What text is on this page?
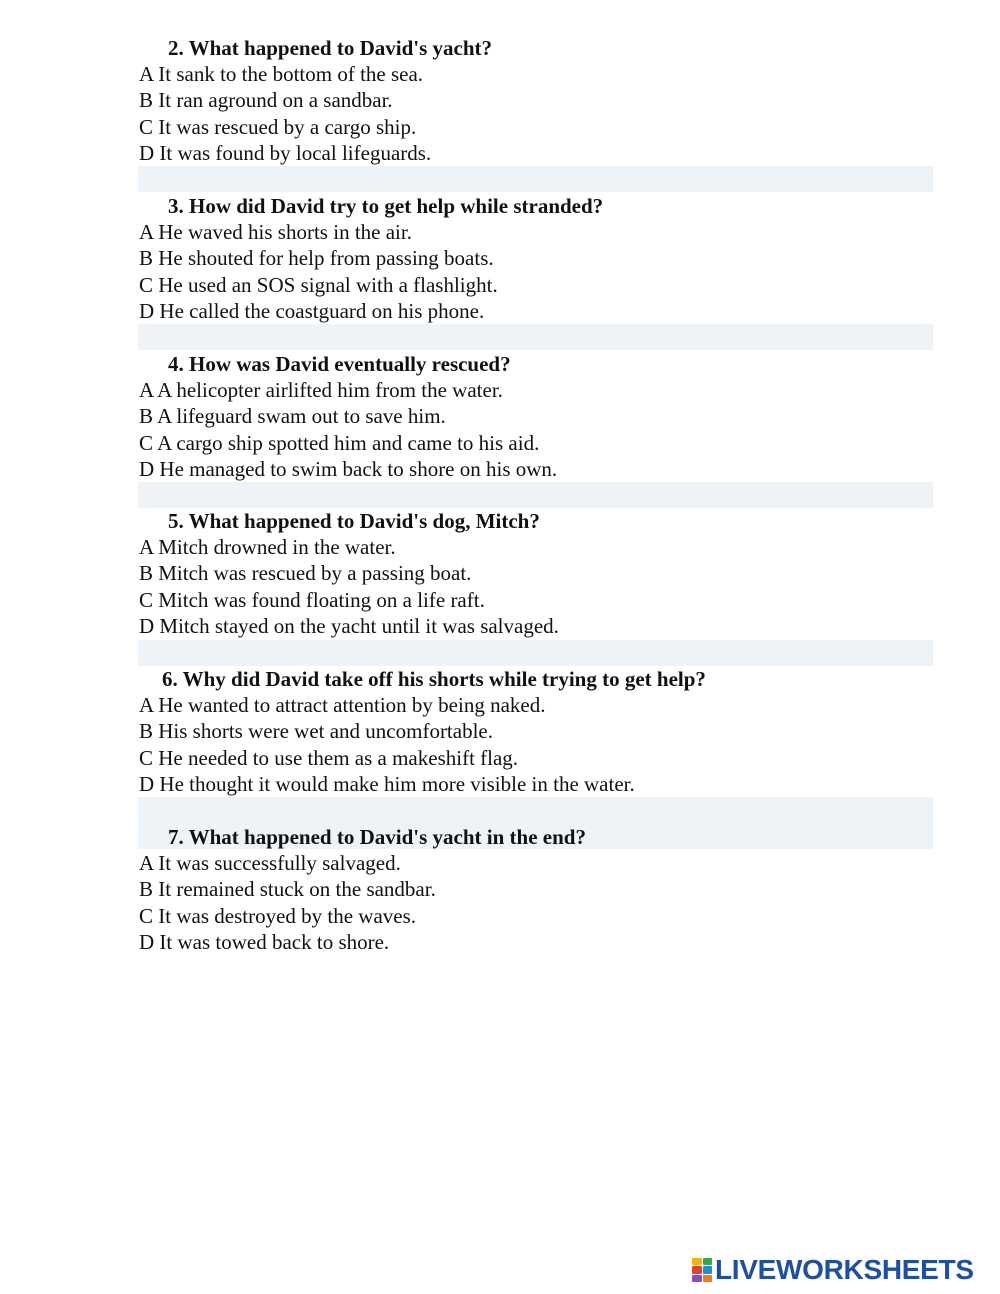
2. What happened to David's yacht?
A It sank to the bottom of the sea.
B It ran aground on a sandbar.
C It was rescued by a cargo ship.
D It was found by local lifeguards.
3. How did David try to get help while stranded?
A He waved his shorts in the air.
B He shouted for help from passing boats.
C He used an SOS signal with a flashlight.
D He called the coastguard on his phone.
4. How was David eventually rescued?
A A helicopter airlifted him from the water.
B A lifeguard swam out to save him.
C A cargo ship spotted him and came to his aid.
D He managed to swim back to shore on his own.
5. What happened to David's dog, Mitch?
A Mitch drowned in the water.
B Mitch was rescued by a passing boat.
C Mitch was found floating on a life raft.
D Mitch stayed on the yacht until it was salvaged.
6. Why did David take off his shorts while trying to get help?
A He wanted to attract attention by being naked.
B His shorts were wet and uncomfortable.
C He needed to use them as a makeshift flag.
D He thought it would make him more visible in the water.
7. What happened to David's yacht in the end?
A It was successfully salvaged.
B It remained stuck on the sandbar.
C It was destroyed by the waves.
D It was towed back to shore.
LIVEWORKSHEETS
